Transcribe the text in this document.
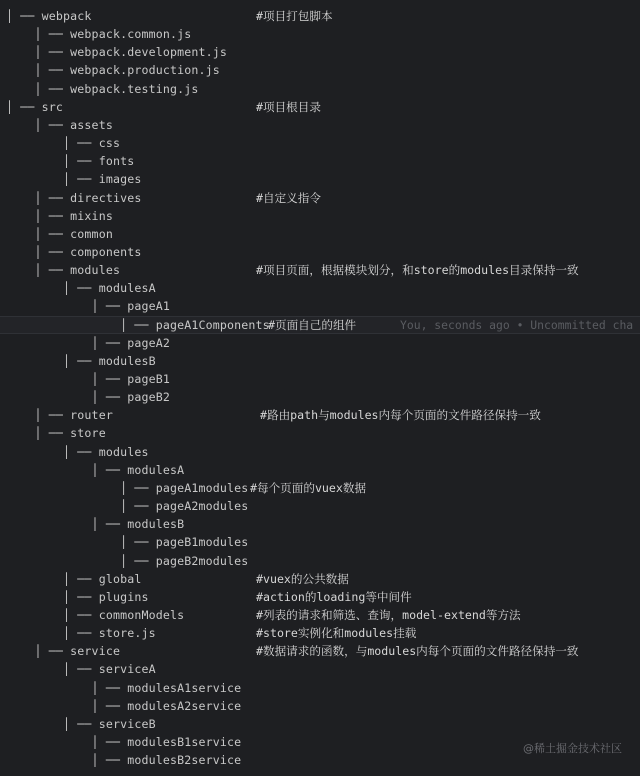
│ ── webpack	#项目打包脚本
│ ── webpack.common.js
│ ── webpack.development.js
│ ── webpack.production.js
│ ── webpack.testing.js
│ ── src	#项目根目录
│ ── assets
│ ── css
│ ── fonts
│ ── images
│ ── directives	#自定义指令
│ ── mixins
│ ── common
│ ── components
│ ── modules	#项目页面，根据模块划分，和store的modules目录保持一致
│ ── modulesA
│ ── pageA1
│ ── pageA1Components
#页面自己的组件	You, seconds ago • Uncommitted cha
│ ── pageA2
│ ── modulesB
│ ── pageB1
│ ── pageB2
│ ── router	#路由path与modules内每个页面的文件路径保持一致
│ ── store
│ ── modules
│ ── modulesA
│ ── pageA1modules #每个页面的vuex数据
│ ── pageA2modules
│ ── modulesB
│ ── pageB1modules
│ ── pageB2modules
│ ── global	#vuex的公共数据
│ ── plugins	#action的loading等中间件
│ ── commonModels	#列表的请求和筛选、查询，model-extend等方法
│ ── store.js	#store实例化和modules挂载
│ ── service	#数据请求的函数，与modules内每个页面的文件路径保持一致
│ ── serviceA
│ ── modulesA1service
│ ── modulesA2service
│ ── serviceB
│ ── modulesB1service
│ ── modulesB2service
@稀土掘金技术社区
